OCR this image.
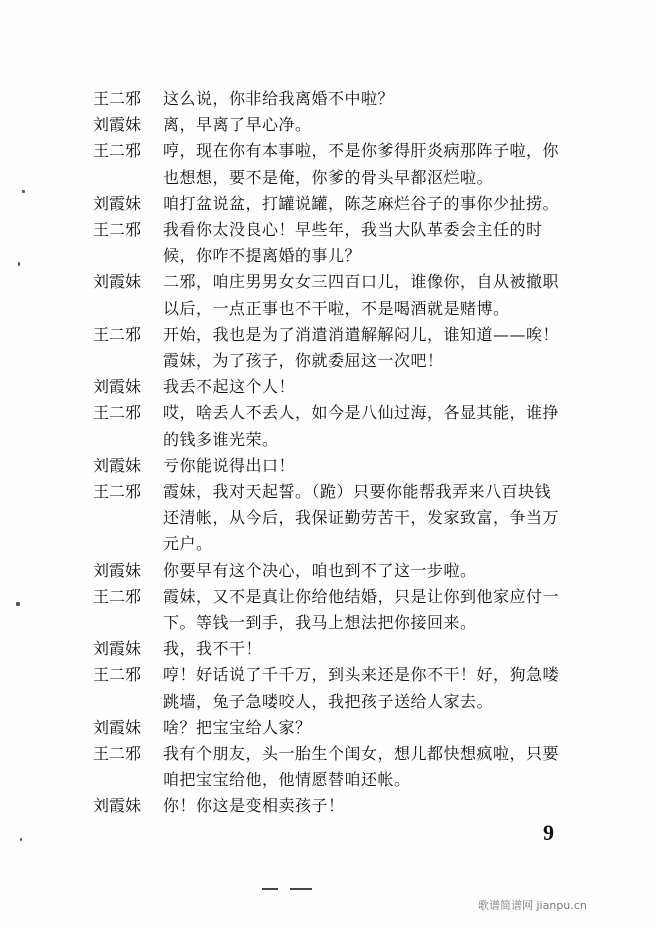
王二邪	这么说，你非给我离婚不中啦？
刘霞妹	离，早离了早心净。
王二邪	哼，现在你有本事啦，不是你爹得肝炎病那阵子啦，你
也想想，要不是俺，你爹的骨头早都沤烂啦。
刘霞妹	咱打盆说盆，打罐说罐，陈芝麻烂谷子的事你少扯捞。
王二邪	我看你太没良心！早些年，我当大队革委会主任的时
候，你咋不提离婚的事儿？
刘霞妹	二邪，咱庄男男女女三四百口儿，谁像你，自从被撤职
以后，一点正事也不干啦，不是喝酒就是赌博。
王二邪	开始，我也是为了消遣消遣解解闷儿，谁知道——唉！
霞妹，为了孩子，你就委屈这一次吧！
刘霞妹	我丢不起这个人！
王二邪	哎，啥丢人不丢人，如今是八仙过海，各显其能，谁挣
的钱多谁光荣。
刘霞妹	亏你能说得出口！
王二邪	霞妹，我对天起誓。（跪）只要你能帮我弄来八百块钱
还清帐，从今后，我保证勤劳苦干，发家致富，争当万
元户。
刘霞妹	你要早有这个决心，咱也到不了这一步啦。
王二邪	霞妹，又不是真让你给他结婚，只是让你到他家应付一
下。等钱一到手，我马上想法把你接回来。
刘霞妹	我，我不干！
王二邪	哼！好话说了千千万，到头来还是你不干！好，狗急喽
跳墙，兔子急喽咬人，我把孩子送给人家去。
刘霞妹	啥？把宝宝给人家？
王二邪	我有个朋友，头一胎生个闺女，想儿都快想疯啦，只要
咱把宝宝给他，他情愿替咱还帐。
刘霞妹	你！你这是变相卖孩子！
9
歌谱简谱网 jianpu.cn
